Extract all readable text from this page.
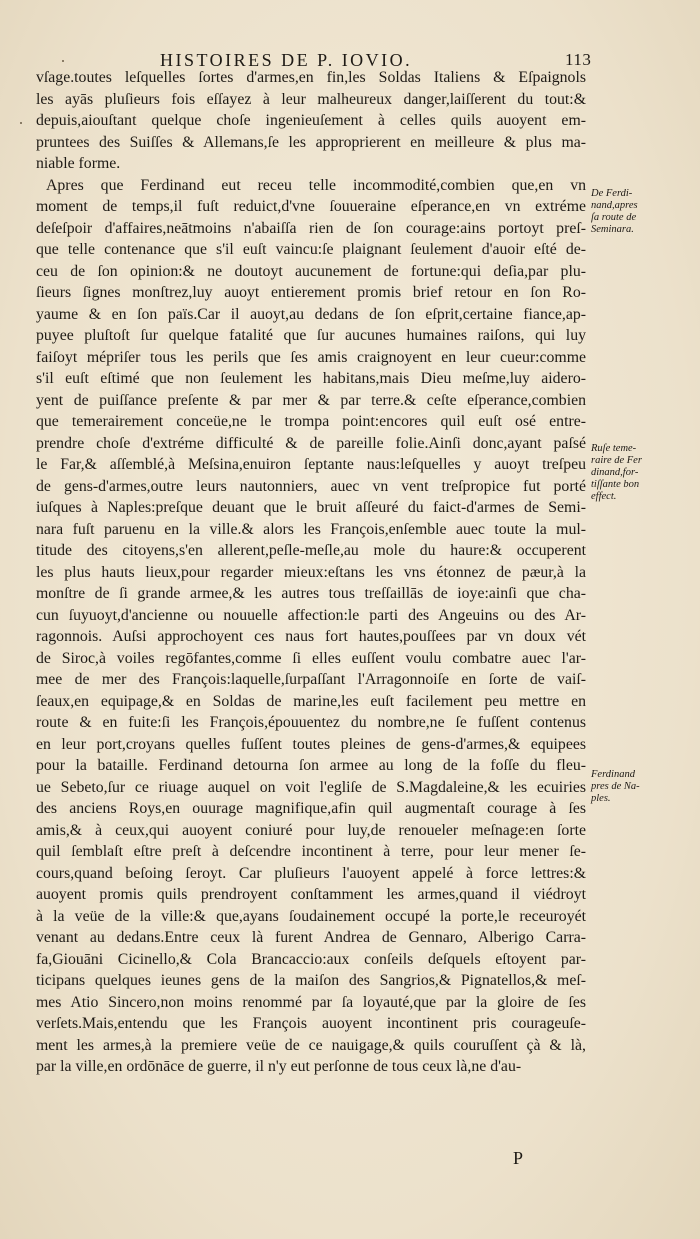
HISTOIRES DE P. IOVIO.	113
vſage.toutes leſquelles ſortes d'armes,en fin,les Soldas Italiens & Eſpaignols
les ayās pluſieurs fois eſſayez à leur malheureux danger,laiſſerent du tout:&
depuis,aiouſtant quelque choſe ingenieuſement à celles quils auoyent em-
pruntees des Suiſſes & Allemans,ſe les approprierent en meilleure & plus ma-
niable forme.
Apres que Ferdinand eut receu telle incommodité,combien que,en vn
moment de temps,il fuſt reduict,d'vne ſouueraine eſperance,en vn extréme
deſeſpoir d'affaires,neātmoins n'abaiſſa rien de ſon courage:ains portoyt preſ-
que telle contenance que s'il euſt vaincu:ſe plaignant ſeulement d'auoir eſté de-
ceu de ſon opinion:& ne doutoyt aucunement de fortune:qui deſia,par plu-
ſieurs ſignes monſtrez,luy auoyt entierement promis brief retour en ſon Ro-
yaume & en ſon païs.Car il auoyt,au dedans de ſon eſprit,certaine fiance,ap-
puyee pluſtoſt ſur quelque fatalité que ſur aucunes humaines raiſons, qui luy
faiſoyt mépriſer tous les perils que ſes amis craignoyent en leur cueur:comme
s'il euſt eſtimé que non ſeulement les habitans,mais Dieu meſme,luy aidero-
yent de puiſſance preſente & par mer & par terre.& ceſte eſperance,combien
que temerairement conceüe,ne le trompa point:encores quil euſt osé entre-
prendre choſe d'extréme difficulté & de pareille folie.Ainſi donc,ayant paſsé
le Far,& aſſemblé,à Meſsina,enuiron ſeptante naus:leſquelles y auoyt treſpeu
de gens-d'armes,outre leurs nautonniers, auec vn vent treſpropice fut porté
iuſques à Naples:preſque deuant que le bruit aſſeuré du faict-d'armes de Semi-
nara fuſt paruenu en la ville.& alors les François,enſemble auec toute la mul-
titude des citoyens,s'en allerent,peſle-meſle,au mole du haure:& occuperent
les plus hauts lieux,pour regarder mieux:eſtans les vns étonnez de pæur,à la
monſtre de ſi grande armee,& les autres tous treſſaillās de ioye:ainſi que cha-
cun ſuyuoyt,d'ancienne ou nouuelle affection:le parti des Angeuins ou des Ar-
ragonnois. Auſsi approchoyent ces naus fort hautes,pouſſees par vn doux vét
de Siroc,à voiles regōfantes,comme ſi elles euſſent voulu combatre auec l'ar-
mee de mer des François:laquelle,ſurpaſſant l'Arragonnoiſe en ſorte de vaiſ-
ſeaux,en equipage,& en Soldas de marine,les euſt facilement peu mettre en
route & en fuite:ſi les François,épouuentez du nombre,ne ſe fuſſent contenus
en leur port,croyans quelles fuſſent toutes pleines de gens-d'armes,& equipees
pour la bataille. Ferdinand detourna ſon armee au long de la foſſe du fleu-
ue Sebeto,ſur ce riuage auquel on voit l'egliſe de S.Magdaleine,& les ecuiries
des anciens Roys,en ouurage magnifique,afin quil augmentaſt courage à ſes
amis,& à ceux,qui auoyent coniuré pour luy,de renoueler meſnage:en ſorte
quil ſemblaſt eſtre preſt à deſcendre incontinent à terre, pour leur mener ſe-
cours,quand beſoing ſeroyt. Car pluſieurs l'auoyent appelé à force lettres:&
auoyent promis quils prendroyent conſtamment les armes,quand il viédroyt
à la veüe de la ville:& que,ayans ſoudainement occupé la porte,le receuroyét
venant au dedans.Entre ceux là furent Andrea de Gennaro, Alberigo Carra-
fa,Giouāni Cicinello,& Cola Brancaccio:aux conſeils deſquels eſtoyent par-
ticipans quelques ieunes gens de la maiſon des Sangrios,& Pignatellos,& meſ-
mes Atio Sincero,non moins renommé par ſa loyauté,que par la gloire de ſes
verſets.Mais,entendu que les François auoyent incontinent pris courageuſe-
ment les armes,à la premiere veüe de ce nauigage,& quils couruſſent çà & là,
par la ville,en ordōnāce de guerre, il n'y eut perſonne de tous ceux là,ne d'au-
De Ferdi-
nand,apres
ſa route de
Seminara.
Ruſe teme-
raire de Fer
dinand,for-
tiſſante bon
effect.
Ferdinand
pres de Na-
ples.
P
